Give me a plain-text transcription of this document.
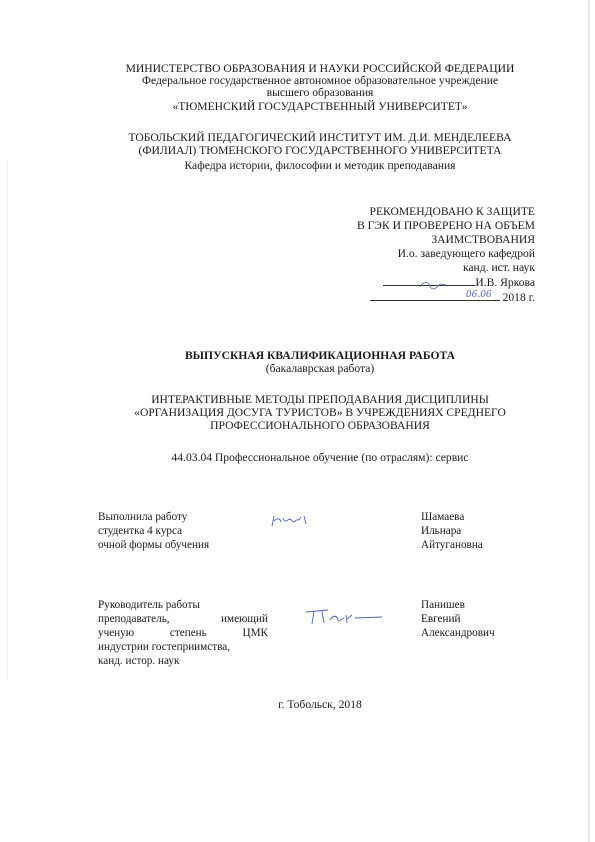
МИНИСТЕРСТВО ОБРАЗОВАНИЯ И НАУКИ РОССИЙСКОЙ ФЕДЕРАЦИИ
Федеральное государственное автономное образовательное учреждение
высшего образования
«ТЮМЕНСКИЙ ГОСУДАРСТВЕННЫЙ УНИВЕРСИТЕТ»
ТОБОЛЬСКИЙ ПЕДАГОГИЧЕСКИЙ ИНСТИТУТ ИМ. Д.И. МЕНДЕЛЕЕВА
(ФИЛИАЛ) ТЮМЕНСКОГО ГОСУДАРСТВЕННОГО УНИВЕРСИТЕТА
Кафедра истории, философии и методик преподавания
РЕКОМЕНДОВАНО К ЗАЩИТЕ
В ГЭК И ПРОВЕРЕНО НА ОБЪЕМ
ЗАИМСТВОВАНИЯ
И.о. заведующего кафедрой
канд. ист. наук
И.В. Яркова
06.06 2018 г.
ВЫПУСКНАЯ КВАЛИФИКАЦИОННАЯ РАБОТА
(бакалаврская работа)
ИНТЕРАКТИВНЫЕ МЕТОДЫ ПРЕПОДАВАНИЯ ДИСЦИПЛИНЫ
«ОРГАНИЗАЦИЯ ДОСУГА ТУРИСТОВ» В УЧРЕЖДЕНИЯХ СРЕДНЕГО
ПРОФЕССИОНАЛЬНОГО ОБРАЗОВАНИЯ
44.03.04 Профессиональное обучение (по отраслям): сервис
Выполнила работу
студентка 4 курса
очной формы обучения
Шамаева
Ильнара
Айтугановна
Руководитель работы
преподаватель, имеющий
ученую степень ЦМК
индустрии гостеприимства,
канд. истор. наук
Панишев
Евгений
Александрович
г. Тобольск, 2018
